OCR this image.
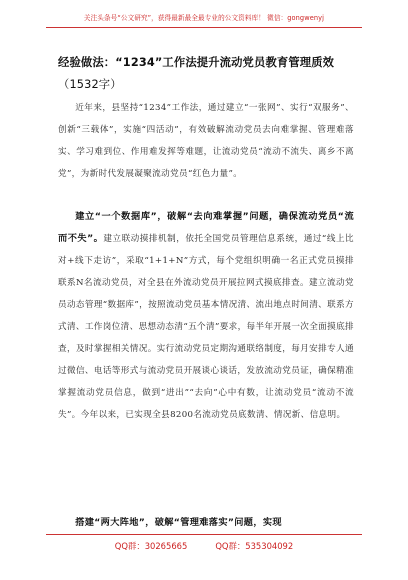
关注头条号“公文研究”，获得最新最全最专业的公文资料库！ 微信：gongwenyj
经验做法：“1234”工作法提升流动党员教育管理质效
（1532字）
近年来，县坚持“1234”工作法，通过建立“一张网”、实行“双服务”、创新“三载体”，实施“四活动”，有效破解流动党员去向难掌握、管理难落实、学习难到位、作用难发挥等难题，让流动党员“流动不流失、离乡不离党”，为新时代发展凝聚流动党员“红色力量”。
建立“一个数据库”，破解“去向难掌握”问题，确保流动党员“流而不失”。建立联动摸排机制，依托全国党员管理信息系统，通过“线上比对+线下走访”，采取“1+1+N”方式，每个党组织明确一名正式党员摸排联系N名流动党员，对全县在外流动党员开展拉网式摸底排查。建立流动党员动态管理“数据库”，按照流动党员基本情况清、流出地点时间清、联系方式清、工作岗位清、思想动态清“五个清”要求，每半年开展一次全面摸底排查，及时掌握相关情况。实行流动党员定期沟通联络制度，每月安排专人通过微信、电话等形式与流动党员开展谈心谈话，发放流动党员证，确保精准掌握流动党员信息，做到“进出”“去向”心中有数，让流动党员“流动不流失”。今年以来，已实现全县8200名流动党员底数清、情况新、信息明。
搭建“两大阵地”，破解“管理难落实”问题，实现
QQ群：30265665	QQ群：535304092
